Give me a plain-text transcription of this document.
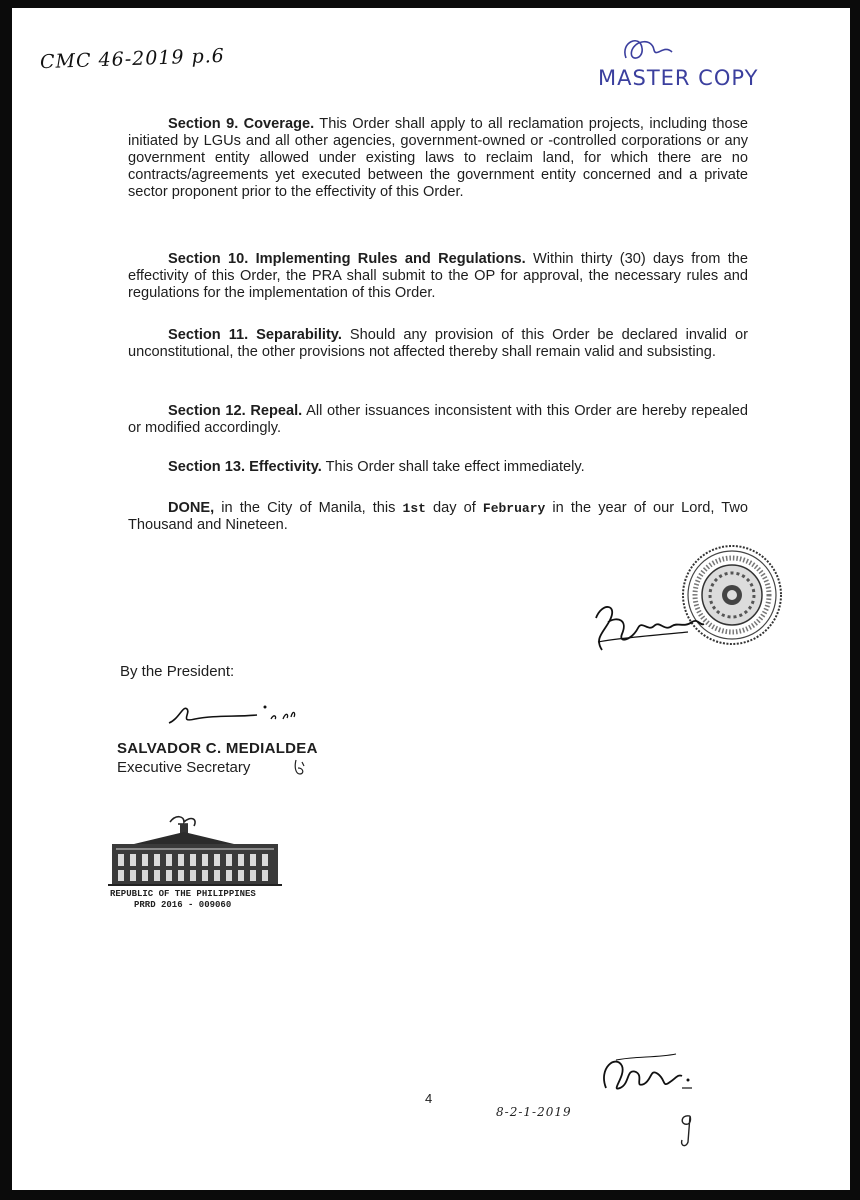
CMC 46-2019 p.6
MASTER COPY

Section 9. Coverage. This Order shall apply to all reclamation projects, including those initiated by LGUs and all other agencies, government-owned or -controlled corporations or any government entity allowed under existing laws to reclaim land, for which there are no contracts/agreements yet executed between the government entity concerned and a private sector proponent prior to the effectivity of this Order.

Section 10. Implementing Rules and Regulations. Within thirty (30) days from the effectivity of this Order, the PRA shall submit to the OP for approval, the necessary rules and regulations for the implementation of this Order.

Section 11. Separability. Should any provision of this Order be declared invalid or unconstitutional, the other provisions not affected thereby shall remain valid and subsisting.

Section 12. Repeal. All other issuances inconsistent with this Order are hereby repealed or modified accordingly.

Section 13. Effectivity. This Order shall take effect immediately.

DONE, in the City of Manila, this 1st day of February in the year of our Lord, Two Thousand and Nineteen.

By the President:
SALVADOR C. MEDIALDEA
Executive Secretary
REPUBLIC OF THE PHILIPPINES
PRRD 2016 - 009060
4
8-2-1-2019
